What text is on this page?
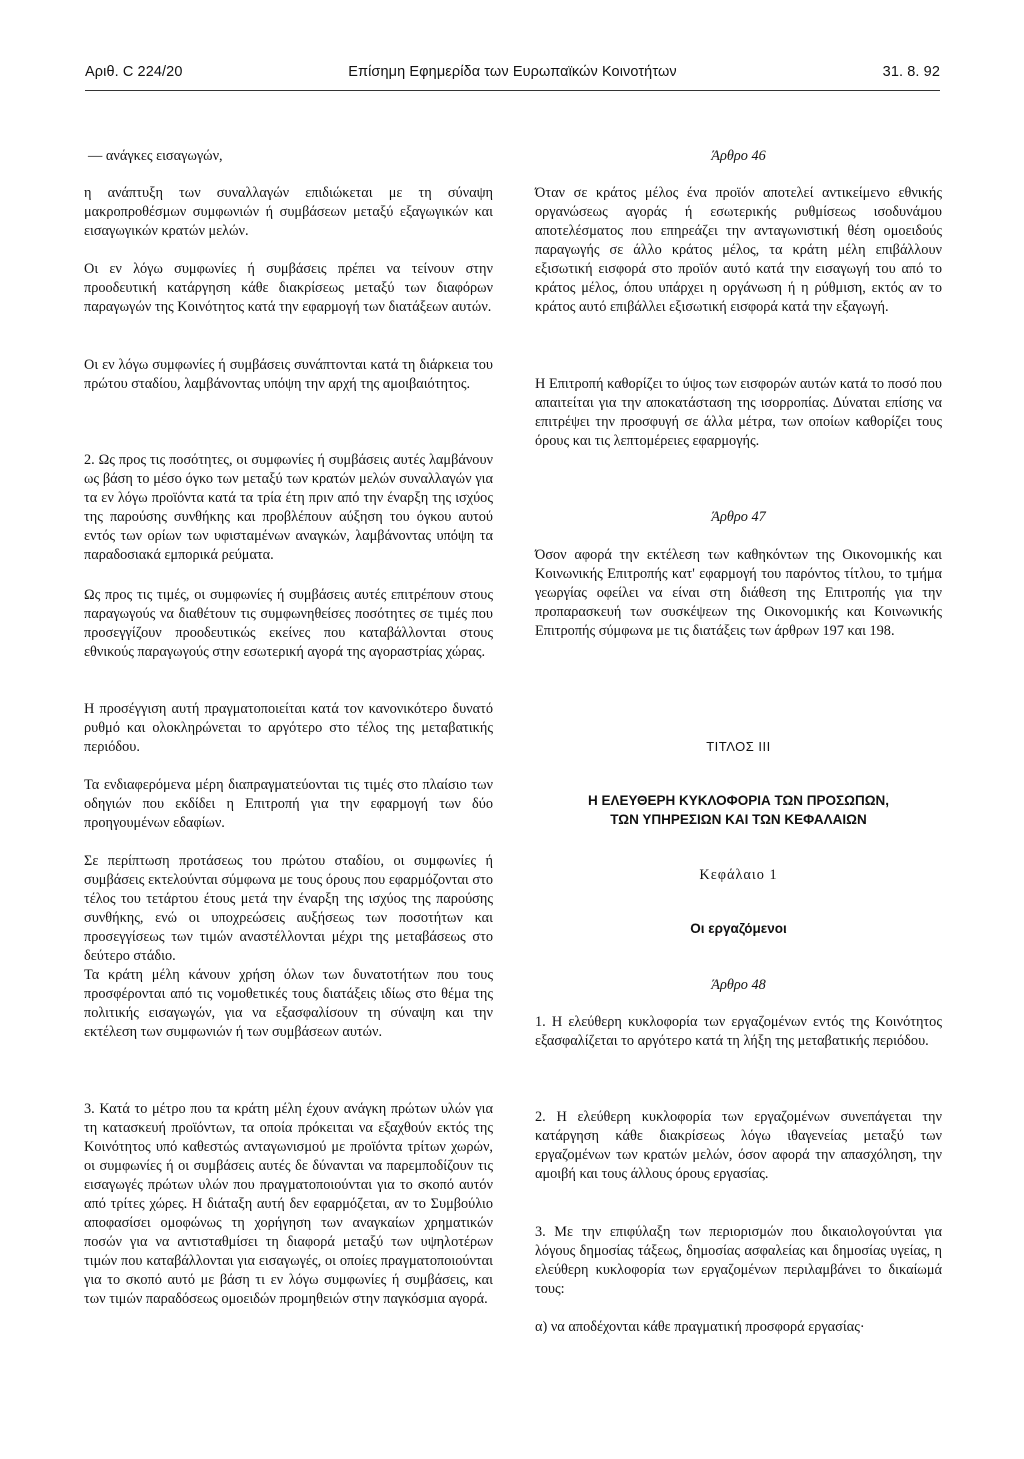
Αριθ. C 224/20	Επίσημη Εφημερίδα των Ευρωπαϊκών Κοινοτήτων	31. 8. 92

— ανάγκες εισαγωγών,

η ανάπτυξη των συναλλαγών επιδιώκεται με τη σύναψη μακροπροθέσμων συμφωνιών ή συμβάσεων μεταξύ εξαγωγικών και εισαγωγικών κρατών μελών.

Οι εν λόγω συμφωνίες ή συμβάσεις πρέπει να τείνουν στην προοδευτική κατάργηση κάθε διακρίσεως μεταξύ των διαφόρων παραγωγών της Κοινότητος κατά την εφαρμογή των διατάξεων αυτών.

Οι εν λόγω συμφωνίες ή συμβάσεις συνάπτονται κατά τη διάρκεια του πρώτου σταδίου, λαμβάνοντας υπόψη την αρχή της αμοιβαιότητος.

2. Ως προς τις ποσότητες, οι συμφωνίες ή συμβάσεις αυτές λαμβάνουν ως βάση το μέσο όγκο των μεταξύ των κρατών μελών συναλλαγών για τα εν λόγω προϊόντα κατά τα τρία έτη πριν από την έναρξη της ισχύος της παρούσης συνθήκης και προβλέπουν αύξηση του όγκου αυτού εντός των ορίων των υφισταμένων αναγκών, λαμβάνοντας υπόψη τα παραδοσιακά εμπορικά ρεύματα.

Ως προς τις τιμές, οι συμφωνίες ή συμβάσεις αυτές επιτρέπουν στους παραγωγούς να διαθέτουν τις συμφωνηθείσες ποσότητες σε τιμές που προσεγγίζουν προοδευτικώς εκείνες που καταβάλλονται στους εθνικούς παραγωγούς στην εσωτερική αγορά της αγοραστρίας χώρας.

Η προσέγγιση αυτή πραγματοποιείται κατά τον κανονικότερο δυνατό ρυθμό και ολοκληρώνεται το αργότερο στο τέλος της μεταβατικής περιόδου.

Τα ενδιαφερόμενα μέρη διαπραγματεύονται τις τιμές στο πλαίσιο των οδηγιών που εκδίδει η Επιτροπή για την εφαρμογή των δύο προηγουμένων εδαφίων.

Σε περίπτωση προτάσεως του πρώτου σταδίου, οι συμφωνίες ή συμβάσεις εκτελούνται σύμφωνα με τους όρους που εφαρμόζονται στο τέλος του τετάρτου έτους μετά την έναρξη της ισχύος της παρούσης συνθήκης, ενώ οι υποχρεώσεις αυξήσεως των ποσοτήτων και προσεγγίσεως των τιμών αναστέλλονται μέχρι της μεταβάσεως στο δεύτερο στάδιο.

Τα κράτη μέλη κάνουν χρήση όλων των δυνατοτήτων που τους προσφέρονται από τις νομοθετικές τους διατάξεις ιδίως στο θέμα της πολιτικής εισαγωγών, για να εξασφαλίσουν τη σύναψη και την εκτέλεση των συμφωνιών ή των συμβάσεων αυτών.

3. Κατά το μέτρο που τα κράτη μέλη έχουν ανάγκη πρώτων υλών για τη κατασκευή προϊόντων, τα οποία πρόκειται να εξαχθούν εκτός της Κοινότητος υπό καθεστώς ανταγωνισμού με προϊόντα τρίτων χωρών, οι συμφωνίες ή οι συμβάσεις αυτές δε δύνανται να παρεμποδίζουν τις εισαγωγές πρώτων υλών που πραγματοποιούνται για το σκοπό αυτόν από τρίτες χώρες. Η διάταξη αυτή δεν εφαρμόζεται, αν το Συμβούλιο αποφασίσει ομοφώνως τη χορήγηση των αναγκαίων χρηματικών ποσών για να αντισταθμίσει τη διαφορά μεταξύ των υψηλοτέρων τιμών που καταβάλλονται για εισαγωγές, οι οποίες πραγματοποιούνται για το σκοπό αυτό με βάση τι εν λόγω συμφωνίες ή συμβάσεις, και των τιμών παραδόσεως ομοειδών προμηθειών στην παγκόσμια αγορά.

Άρθρο 46

Όταν σε κράτος μέλος ένα προϊόν αποτελεί αντικείμενο εθνικής οργανώσεως αγοράς ή εσωτερικής ρυθμίσεως ισοδυνάμου αποτελέσματος που επηρεάζει την ανταγωνιστική θέση ομοειδούς παραγωγής σε άλλο κράτος μέλος, τα κράτη μέλη επιβάλλουν εξισωτική εισφορά στο προϊόν αυτό κατά την εισαγωγή του από το κράτος μέλος, όπου υπάρχει η οργάνωση ή η ρύθμιση, εκτός αν το κράτος αυτό επιβάλλει εξισωτική εισφορά κατά την εξαγωγή.

Η Επιτροπή καθορίζει το ύψος των εισφορών αυτών κατά το ποσό που απαιτείται για την αποκατάσταση της ισορροπίας. Δύναται επίσης να επιτρέψει την προσφυγή σε άλλα μέτρα, των οποίων καθορίζει τους όρους και τις λεπτομέρειες εφαρμογής.

Άρθρο 47

Όσον αφορά την εκτέλεση των καθηκόντων της Οικονομικής και Κοινωνικής Επιτροπής κατ' εφαρμογή του παρόντος τίτλου, το τμήμα γεωργίας οφείλει να είναι στη διάθεση της Επιτροπής για την προπαρασκευή των συσκέψεων της Οικονομικής και Κοινωνικής Επιτροπής σύμφωνα με τις διατάξεις των άρθρων 197 και 198.

ΤΙΤΛΟΣ III

Η ΕΛΕΥΘΕΡΗ ΚΥΚΛΟΦΟΡΙΑ ΤΩΝ ΠΡΟΣΩΠΩΝ,

ΤΩΝ ΥΠΗΡΕΣΙΩΝ ΚΑΙ ΤΩΝ ΚΕΦΑΛΑΙΩΝ

Κεφάλαιο 1

Οι εργαζόμενοι

Άρθρο 48

1. Η ελεύθερη κυκλοφορία των εργαζομένων εντός της Κοινότητος εξασφαλίζεται το αργότερο κατά τη λήξη της μεταβατικής περιόδου.

2. Η ελεύθερη κυκλοφορία των εργαζομένων συνεπάγεται την κατάργηση κάθε διακρίσεως λόγω ιθαγενείας μεταξύ των εργαζομένων των κρατών μελών, όσον αφορά την απασχόληση, την αμοιβή και τους άλλους όρους εργασίας.

3. Με την επιφύλαξη των περιορισμών που δικαιολογούνται για λόγους δημοσίας τάξεως, δημοσίας ασφαλείας και δημοσίας υγείας, η ελεύθερη κυκλοφορία των εργαζομένων περιλαμβάνει το δικαίωμά τους:

α) να αποδέχονται κάθε πραγματική προσφορά εργασίας·
